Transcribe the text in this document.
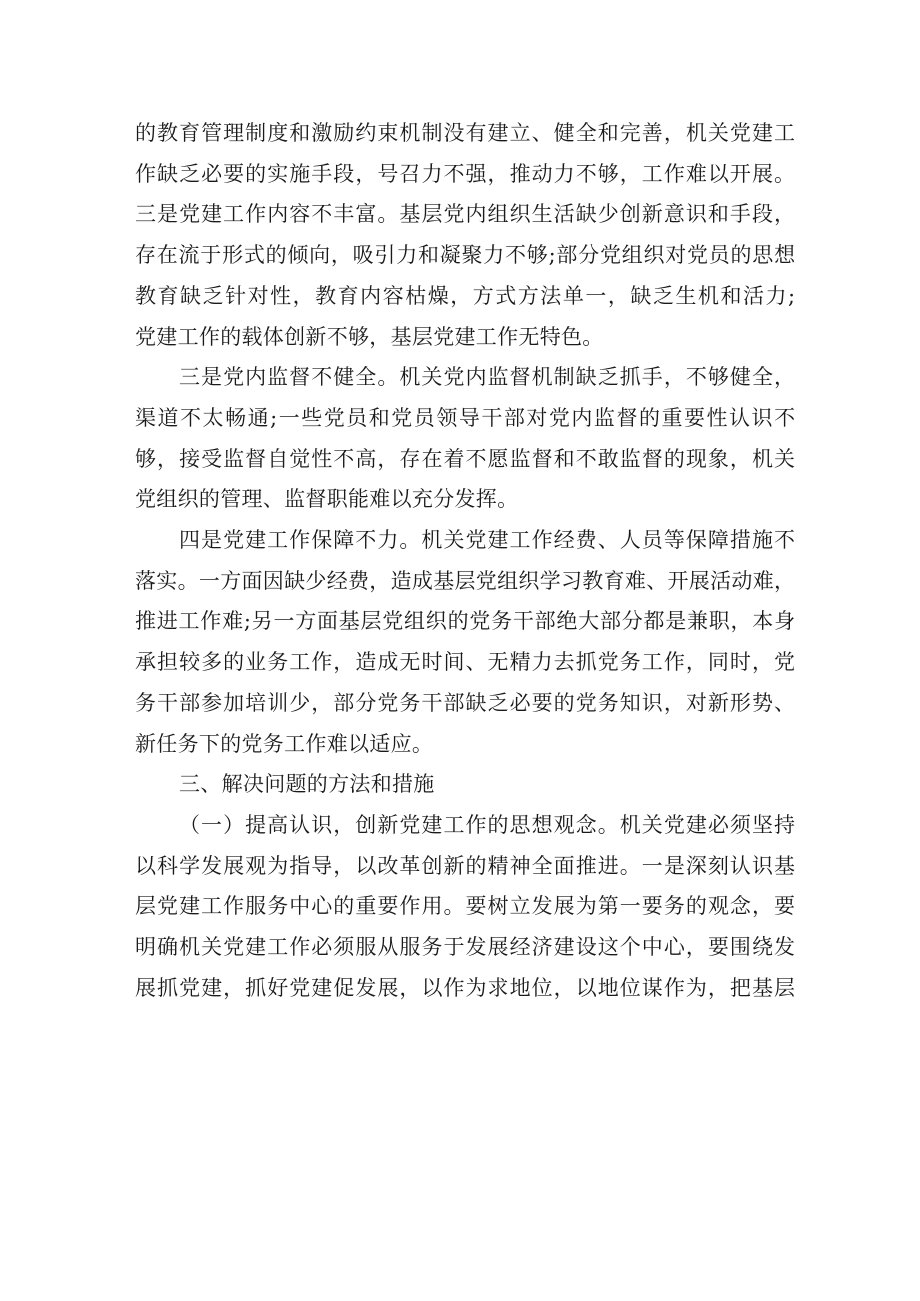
的教育管理制度和激励约束机制没有建立、健全和完善，机关党建工
作缺乏必要的实施手段，号召力不强，推动力不够，工作难以开展。
三是党建工作内容不丰富。基层党内组织生活缺少创新意识和手段，
存在流于形式的倾向，吸引力和凝聚力不够;部分党组织对党员的思想
教育缺乏针对性，教育内容枯燥，方式方法单一，缺乏生机和活力;
党建工作的载体创新不够，基层党建工作无特色。

三是党内监督不健全。机关党内监督机制缺乏抓手，不够健全，
渠道不太畅通;一些党员和党员领导干部对党内监督的重要性认识不
够，接受监督自觉性不高，存在着不愿监督和不敢监督的现象，机关
党组织的管理、监督职能难以充分发挥。

四是党建工作保障不力。机关党建工作经费、人员等保障措施不
落实。一方面因缺少经费，造成基层党组织学习教育难、开展活动难，
推进工作难;另一方面基层党组织的党务干部绝大部分都是兼职，本身
承担较多的业务工作，造成无时间、无精力去抓党务工作，同时，党
务干部参加培训少，部分党务干部缺乏必要的党务知识，对新形势、
新任务下的党务工作难以适应。

三、解决问题的方法和措施

（一）提高认识，创新党建工作的思想观念。机关党建必须坚持
以科学发展观为指导，以改革创新的精神全面推进。一是深刻认识基
层党建工作服务中心的重要作用。要树立发展为第一要务的观念，要
明确机关党建工作必须服从服务于发展经济建设这个中心，要围绕发
展抓党建，抓好党建促发展，以作为求地位，以地位谋作为，把基层
